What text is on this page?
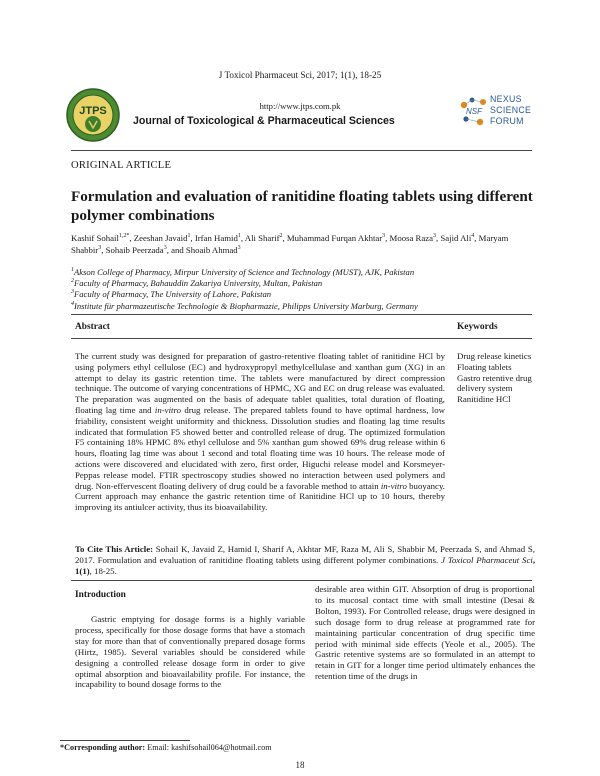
J Toxicol Pharmaceut Sci, 2017; 1(1), 18-25
JTPS	http://www.jtps.com.pk
Journal of Toxicological & Pharmaceutical Sciences
NSF
NEXUS
SCIENCE
FORUM
ORIGINAL ARTICLE
Formulation and evaluation of ranitidine floating tablets using different polymer combinations
Kashif Sohail$^{1,2*}$, Zeeshan Javaid$^1$, Irfan Hamid$^1$, Ali Sharif$^2$, Muhammad Furqan Akhtar$^3$, Moosa Raza$^3$, Sajid Ali$^4$, Maryam Shabbir$^3$, Sohaib Peerzada$^3$, and Shoaib Ahmad$^3$
$^1$Akson College of Pharmacy, Mirpur University of Science and Technology (MUST), AJK, Pakistan
$^2$Faculty of Pharmacy, Bahauddin Zakariya University, Multan, Pakistan
$^3$Faculty of Pharmacy, The University of Lahore, Pakistan
$^4$Institute für pharmazeutische Technologie & Biopharmazie, Philipps University Marburg, Germany
Abstract	Keywords
The current study was designed for preparation of gastro-retentive floating tablet of ranitidine HCl by using polymers ethyl cellulose (EC) and hydroxypropyl methylcellulase and xanthan gum (XG) in an attempt to delay its gastric retention time. The tablets were manufactured by direct compression technique. The outcome of varying concentrations of HPMC, XG and EC on drug release was evaluated. The preparation was augmented on the basis of adequate tablet qualities, total duration of floating, floating lag time and in-vitro drug release. The prepared tablets found to have optimal hardness, low friability, consistent weight uniformity and thickness. Dissolution studies and floating lag time results indicated that formulation F5 showed better and controlled release of drug. The optimized formulation F5 containing 18% HPMC 8% ethyl cellulose and 5% xanthan gum showed 69% drug release within 6 hours, floating lag time was about 1 second and total floating time was 10 hours. The release mode of actions were discovered and elucidated with zero, first order, Higuchi release model and Korsmeyer-Peppas release model. FTIR spectroscopy studies showed no interaction between used polymers and drug. Non-effervescent floating delivery of drug could be a favorable method to attain in-vitro buoyancy. Current approach may enhance the gastric retention time of Ranitidine HCl up to 10 hours, thereby improving its antiulcer activity, thus its bioavailability.
Drug release kinetics
Floating tablets
Gastro retentive drug delivery system
Ranitidine HCl
To Cite This Article: Sohail K, Javaid Z, Hamid I, Sharif A, Akhtar MF, Raza M, Ali S, Shabbir M, Peerzada S, and Ahmad S, 2017. Formulation and evaluation of ranitidine floating tablets using different polymer combinations. J Toxicol Pharmaceut Sci, 1(1), 18-25.
Introduction

Gastric emptying for dosage forms is a highly variable process, specifically for those dosage forms that have a stomach stay for more than that of conventionally prepared dosage forms (Hirtz, 1985). Several variables should be considered while designing a controlled release dosage form in order to give optimal absorption and bioavailability profile. For instance, the incapability to bound dosage forms to the

desirable area within GIT. Absorption of drug is proportional to its mucosal contact time with small intestine (Desai & Bolton, 1993). For Controlled release, drugs were designed in such dosage form to drug release at programmed rate for maintaining particular concentration of drug specific time period with minimal side effects (Yeole et al., 2005). The Gastric retentive systems are so formulated in an attempt to retain in GIT for a longer time period ultimately enhances the retention time of the drugs in

*Corresponding author: Email: kashifsohail064@hotmail.com
18
